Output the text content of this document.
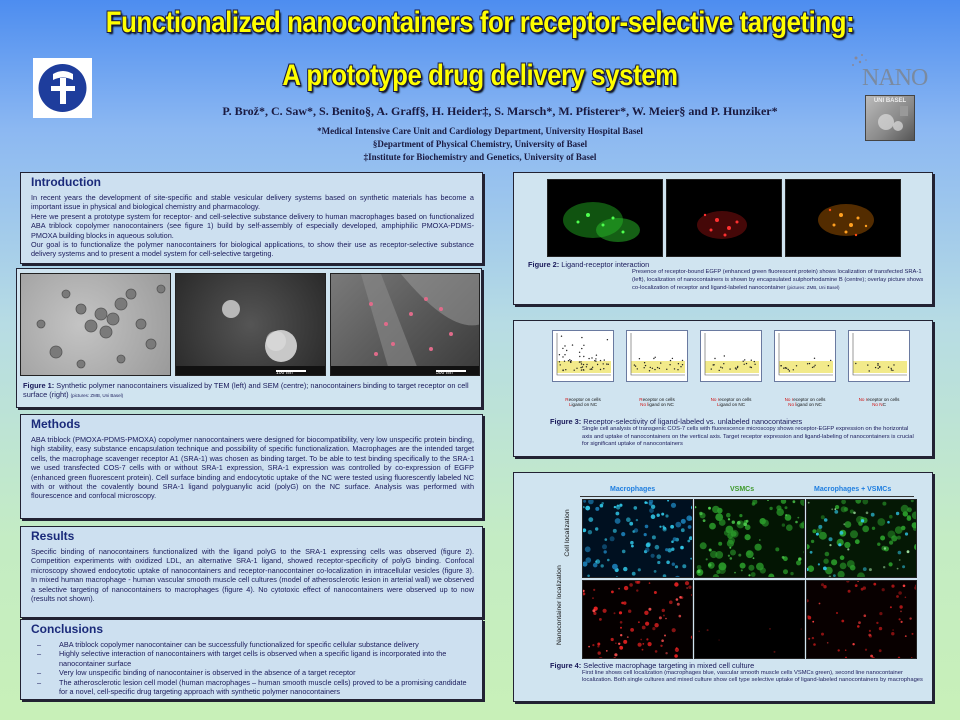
Functionalized nanocontainers for receptor-selective targeting:
A prototype drug delivery system	NANO
UNI BASEL
P. Brož*, C. Saw*, S. Benito§, A. Graff§, H. Heider‡, S. Marsch*, M. Pfisterer*, W. Meier§ and P. Hunziker*
*Medical Intensive Care Unit and Cardiology Department, University Hospital Basel
§Department of Physical Chemistry, University of Basel
‡Institute for Biochemistry and Genetics, University of Basel
Introduction

In recent years the development of site-specific and stable vesicular delivery systems based on synthetic materials has become a important issue in physical and biological chemistry and pharmacology.

Here we present a prototype system for receptor- and cell-selective substance delivery to human macrophages based on functionalized ABA triblock copolymer nanocontainers (see figure 1) build by self-assembly of especially developed, amphiphilic PMOXA-PDMS-PMOXA building blocks in aqueous solution.

Our goal is to functionalize the polymer nanocontainers for biological applications, to show their use as receptor-selective substance delivery systems and to present a model system for cell-selective targeting.

100 nm	500 nm
Figure 1: Synthetic polymer nanocontainers visualized by TEM (left) and SEM (centre); nanocontainers binding to target receptor on cell surface (right) (pictures: ZMB, Uni Basel)
Methods
ABA triblock (PMOXA-PDMS-PMOXA) copolymer nanocontainers were designed for biocompatibility, very low unspecific protein binding, high stability, easy substance encapsulation technique and possibility of specific functionalization. Macrophages are the intended target cells, the macrophage scavenger receptor A1 (SRA-1) was chosen as binding target. To be able to test binding specifically to the SRA-1 we used transfected COS-7 cells with or without SRA-1 expression, SRA-1 expression was controlled by co-expression of EGFP (enhanced green fluorescent protein). Cell surface binding and endocytotic uptake of the NC were tested using fluorescently labeled NC with or without the covalently bound SRA-1 ligand polyguanylic acid (polyG) on the NC surface. Analysis was performed with flourescence and confocal microscopy.
Results
Specific binding of nanocontainers functionalized with the ligand polyG to the SRA-1 expressing cells was observed (figure 2). Competition experiments with oxidized LDL, an alternative SRA-1 ligand, showed receptor-specificity of polyG binding. Confocal microscopy showed endocytotic uptake of nanocontainers and receptor-nanocontainer co-localization in intracellular vesicles (figure 3). In mixed human macrophage - human vascular smooth muscle cell cultures (model of atherosclerotic lesion in arterial wall) we observed a selective targeting of nanocontainers to macrophages (figure 4). No cytotoxic effect of nanocontainers were observed up to now (results not shown).
Conclusions
– ABA triblock copolymer nanocontainer can be successfully functionalized for specific cellular substance delivery
– Highly selective interaction of nanocontainers with target cells is observed when a specific ligand is incorporated into the nanocontainer surface
– Very low unspecific binding of nanocontainer is observed in the absence of a target receptor
– The atherosclerotic lesion cell model (human macrophages – human smooth muscle cells) proved to be a promising candidate for a novel, cell-specific drug targeting approach with synthetic polymer nanocontainers
Figure 2: Ligand-receptor interaction
Presence of receptor-bound EGFP (enhanced green fluorescent protein) shows localization of transfected SRA-1 (left), localization of nanocontainers is shown by encapsulated sulphorhodamine B (centre); overlay picture shows co-localization of receptor and ligand-labeled nanocontainer (pictures: ZMB, Uni Basel)
Receptor on cells
Ligand on NC
Receptor on cells
No ligand on NC
No receptor on cells
Ligand on NC
No receptor on cells
No ligand on NC
No receptor on cells
No NC
Figure 3: Receptor-selectivity of ligand-labeled vs. unlabeled nanocontainers
Single cell analysis of transgenic COS-7 cells with fluorescence microscopy shows receptor-EGFP expression on the horizontal axis and uptake of nanocontainers on the vertical axis. Target receptor expression and ligand-labeling of nanocontainers is crucial for significant uptake of nanocontainers
Macrophages	VSMCs	Macrophages + VSMCs
Cell localization
Nanocontainer localization
Figure 4: Selective macrophage targeting in mixed cell culture
First line shows cell localization (macrophages blue, vascular smooth muscle cells VSMCs green), second line nanocontainer localization. Both single cultures and mixed culture show cell type selective uptake of ligand-labeled nanocontainers by macrophages
